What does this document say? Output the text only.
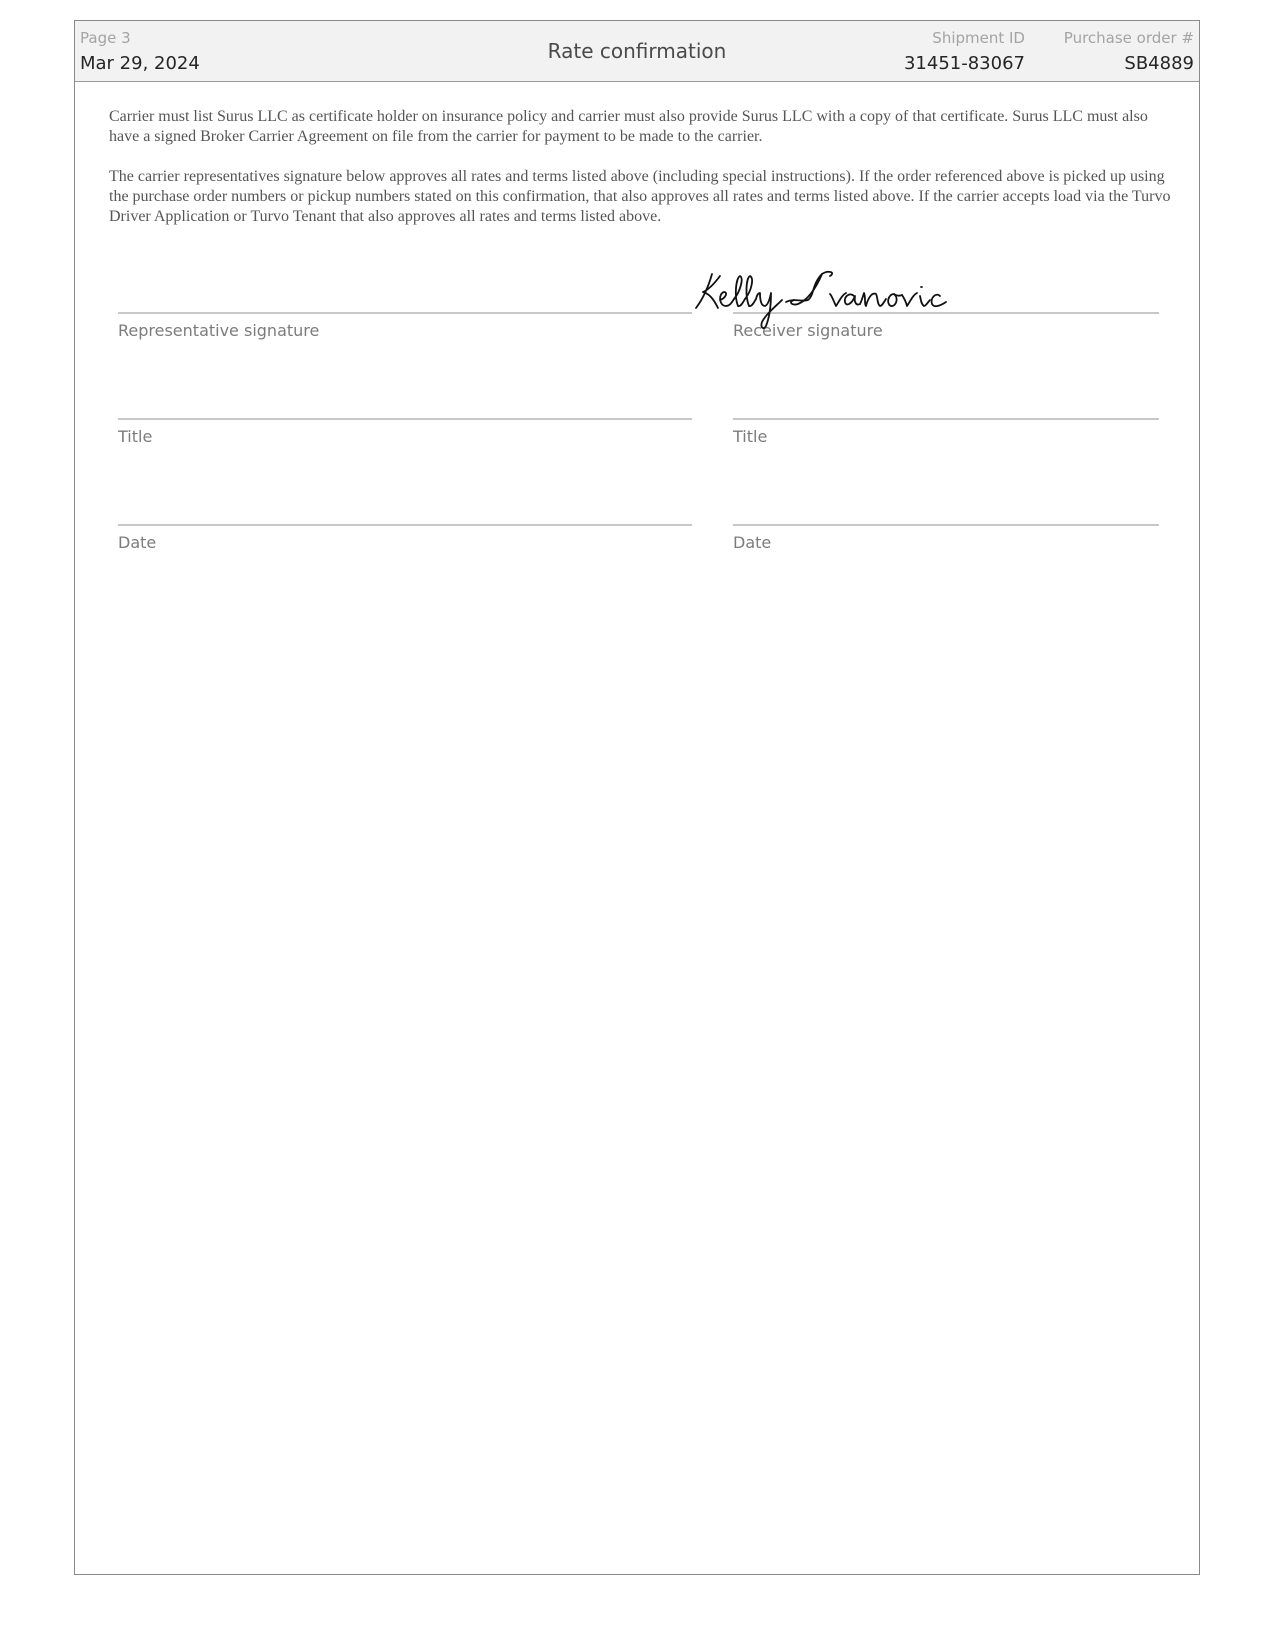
Page 3
Mar 29, 2024
Rate confirmation
Shipment ID
31451-83067
Purchase order #
SB4889

Carrier must list Surus LLC as certificate holder on insurance policy and carrier must also provide Surus LLC with a copy of that certificate. Surus LLC must also have a signed Broker Carrier Agreement on file from the carrier for payment to be made to the carrier.

The carrier representatives signature below approves all rates and terms listed above (including special instructions). If the order referenced above is picked up using the purchase order numbers or pickup numbers stated on this confirmation, that also approves all rates and terms listed above. If the carrier accepts load via the Turvo Driver Application or Turvo Tenant that also approves all rates and terms listed above.

Representative signature
Title
Date
Receiver signature
Title
Date
